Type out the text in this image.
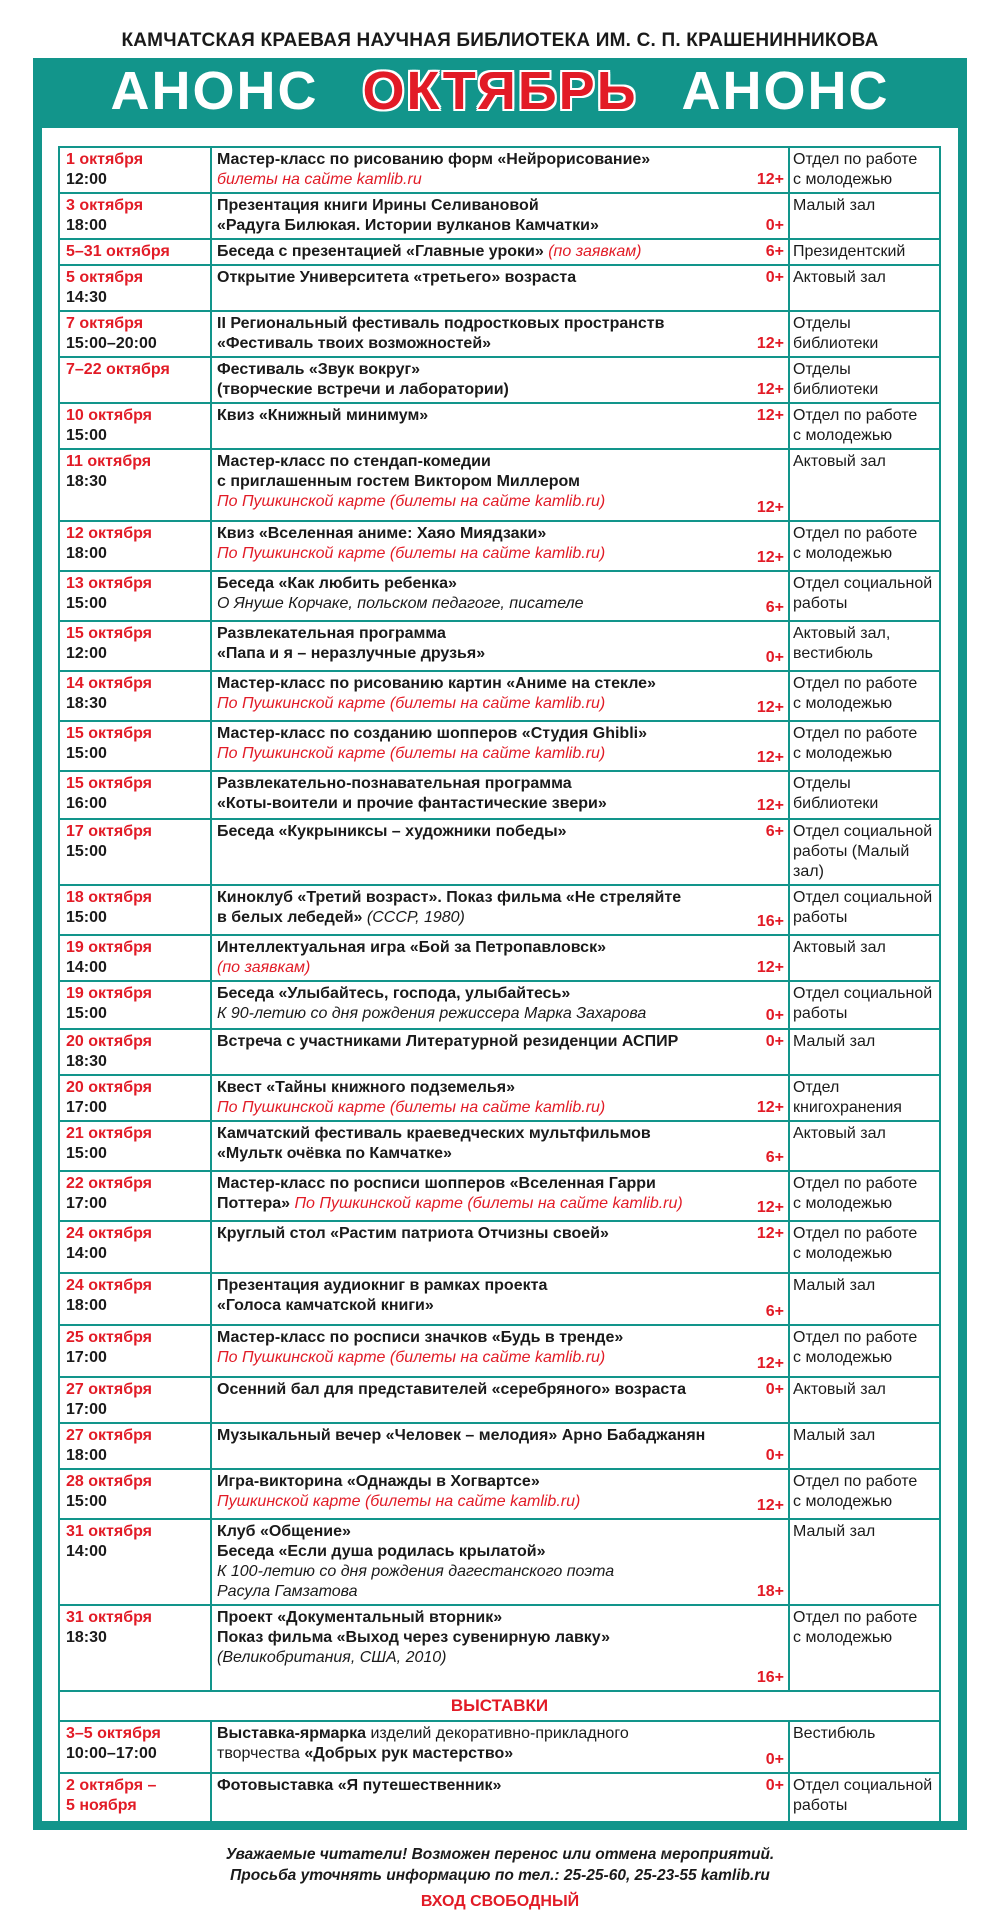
КАМЧАТСКАЯ КРАЕВАЯ НАУЧНАЯ БИБЛИОТЕКА ИМ. С. П. КРАШЕНИННИКОВА
АНОНС ОКТЯБРЬ АНОНС
1 октября
12:00	Мастер-класс по рисованию форм «Нейрорисование»
билеты на сайте kamlib.ru 12+	Отдел по работе
с молодежью

3 октября
18:00	Презентация книги Ирины Селивановой
«Радуга Билюкая. Истории вулканов Камчатки» 0+	Малый зал

5–31 октября	Беседа с презентацией «Главные уроки» (по заявкам) 6+	Президентский

5 октября
14:30	Открытие Университета «третьего» возраста 0+	Актовый зал

7 октября
15:00–20:00	II Региональный фестиваль подростковых пространств
«Фестиваль твоих возможностей» 12+	Отделы библиотеки

7–22 октября	Фестиваль «Звук вокруг»
(творческие встречи и лаборатории) 12+	Отделы библиотеки

10 октября
15:00	Квиз «Книжный минимум» 12+	Отдел по работе
с молодежью

11 октября
18:30	Мастер-класс по стендап-комедии
с приглашенным гостем Виктором Миллером
По Пушкинской карте (билеты на сайте kamlib.ru) 12+	Актовый зал

12 октября
18:00	Квиз «Вселенная аниме: Хаяо Миядзаки»
По Пушкинской карте (билеты на сайте kamlib.ru) 12+	Отдел по работе
с молодежью

13 октября
15:00	Беседа «Как любить ребенка»
О Януше Корчаке, польском педагоге, писателе 6+	Отдел социальной
работы

15 октября
12:00	Развлекательная программа
«Папа и я – неразлучные друзья» 0+	Актовый зал,
вестибюль

14 октября
18:30	Мастер-класс по рисованию картин «Аниме на стекле»
По Пушкинской карте (билеты на сайте kamlib.ru) 12+	Отдел по работе
с молодежью

15 октября
15:00	Мастер-класс по созданию шопперов «Студия Ghibli»
По Пушкинской карте (билеты на сайте kamlib.ru) 12+	Отдел по работе
с молодежью

15 октября
16:00	Развлекательно-познавательная программа
«Коты-воители и прочие фантастические звери» 12+	Отделы библиотеки

17 октября
15:00	Беседа «Кукрыниксы – художники победы» 6+	Отдел социальной
работы (Малый зал)

18 октября
15:00	Киноклуб «Третий возраст». Показ фильма «Не стреляйте
в белых лебедей» (СССР, 1980) 16+	Отдел социальной
работы

19 октября
14:00	Интеллектуальная игра «Бой за Петропавловск»
(по заявкам) 12+	Актовый зал

19 октября
15:00	Беседа «Улыбайтесь, господа, улыбайтесь»
К 90-летию со дня рождения режиссера Марка Захарова 0+	Отдел социальной
работы

20 октября
18:30	Встреча с участниками Литературной резиденции АСПИР 0+	Малый зал

20 октября
17:00	Квест «Тайны книжного подземелья»
По Пушкинской карте (билеты на сайте kamlib.ru) 12+	Отдел
книгохранения

21 октября
15:00	Камчатский фестиваль краеведческих мультфильмов
«Мультк очёвка по Камчатке» 6+	Актовый зал

22 октября
17:00	Мастер-класс по росписи шопперов «Вселенная Гарри
Поттера» По Пушкинской карте (билеты на сайте kamlib.ru) 12+	Отдел по работе
с молодежью

24 октября
14:00	Круглый стол «Растим патриота Отчизны своей» 12+	Отдел по работе
с молодежью

24 октября
18:00	Презентация аудиокниг в рамках проекта
«Голоса камчатской книги» 6+	Малый зал

25 октября
17:00	Мастер-класс по росписи значков «Будь в тренде»
По Пушкинской карте (билеты на сайте kamlib.ru) 12+	Отдел по работе
с молодежью

27 октября
17:00	Осенний бал для представителей «серебряного» возраста 0+	Актовый зал

27 октября
18:00	Музыкальный вечер «Человек – мелодия» Арно Бабаджанян
0+	Малый зал

28 октября
15:00	Игра-викторина «Однажды в Хогвартсе»
Пушкинской карте (билеты на сайте kamlib.ru) 12+	Отдел по работе
с молодежью

31 октября
14:00	Клуб «Общение»
Беседа «Если душа родилась крылатой»
К 100-летию со дня рождения дагестанского поэта
Расула Гамзатова 18+	Малый зал

31 октября
18:30	Проект «Документальный вторник»
Показ фильма «Выход через сувенирную лавку»
(Великобритания, США, 2010)
16+	Отдел по работе
с молодежью

ВЫСТАВКИ		

3–5 октября
10:00–17:00	Выставка-ярмарка изделий декоративно-прикладного
творчества «Добрых рук мастерство» 0+	Вестибюль

2 октября –
5 ноября	Фотовыставка «Я путешественник» 0+	Отдел социальной
работы
Уважаемые читатели! Возможен перенос или отмена мероприятий.
Просьба уточнять информацию по тел.: 25-25-60, 25-23-55 kamlib.ru
ВХОД СВОБОДНЫЙ
